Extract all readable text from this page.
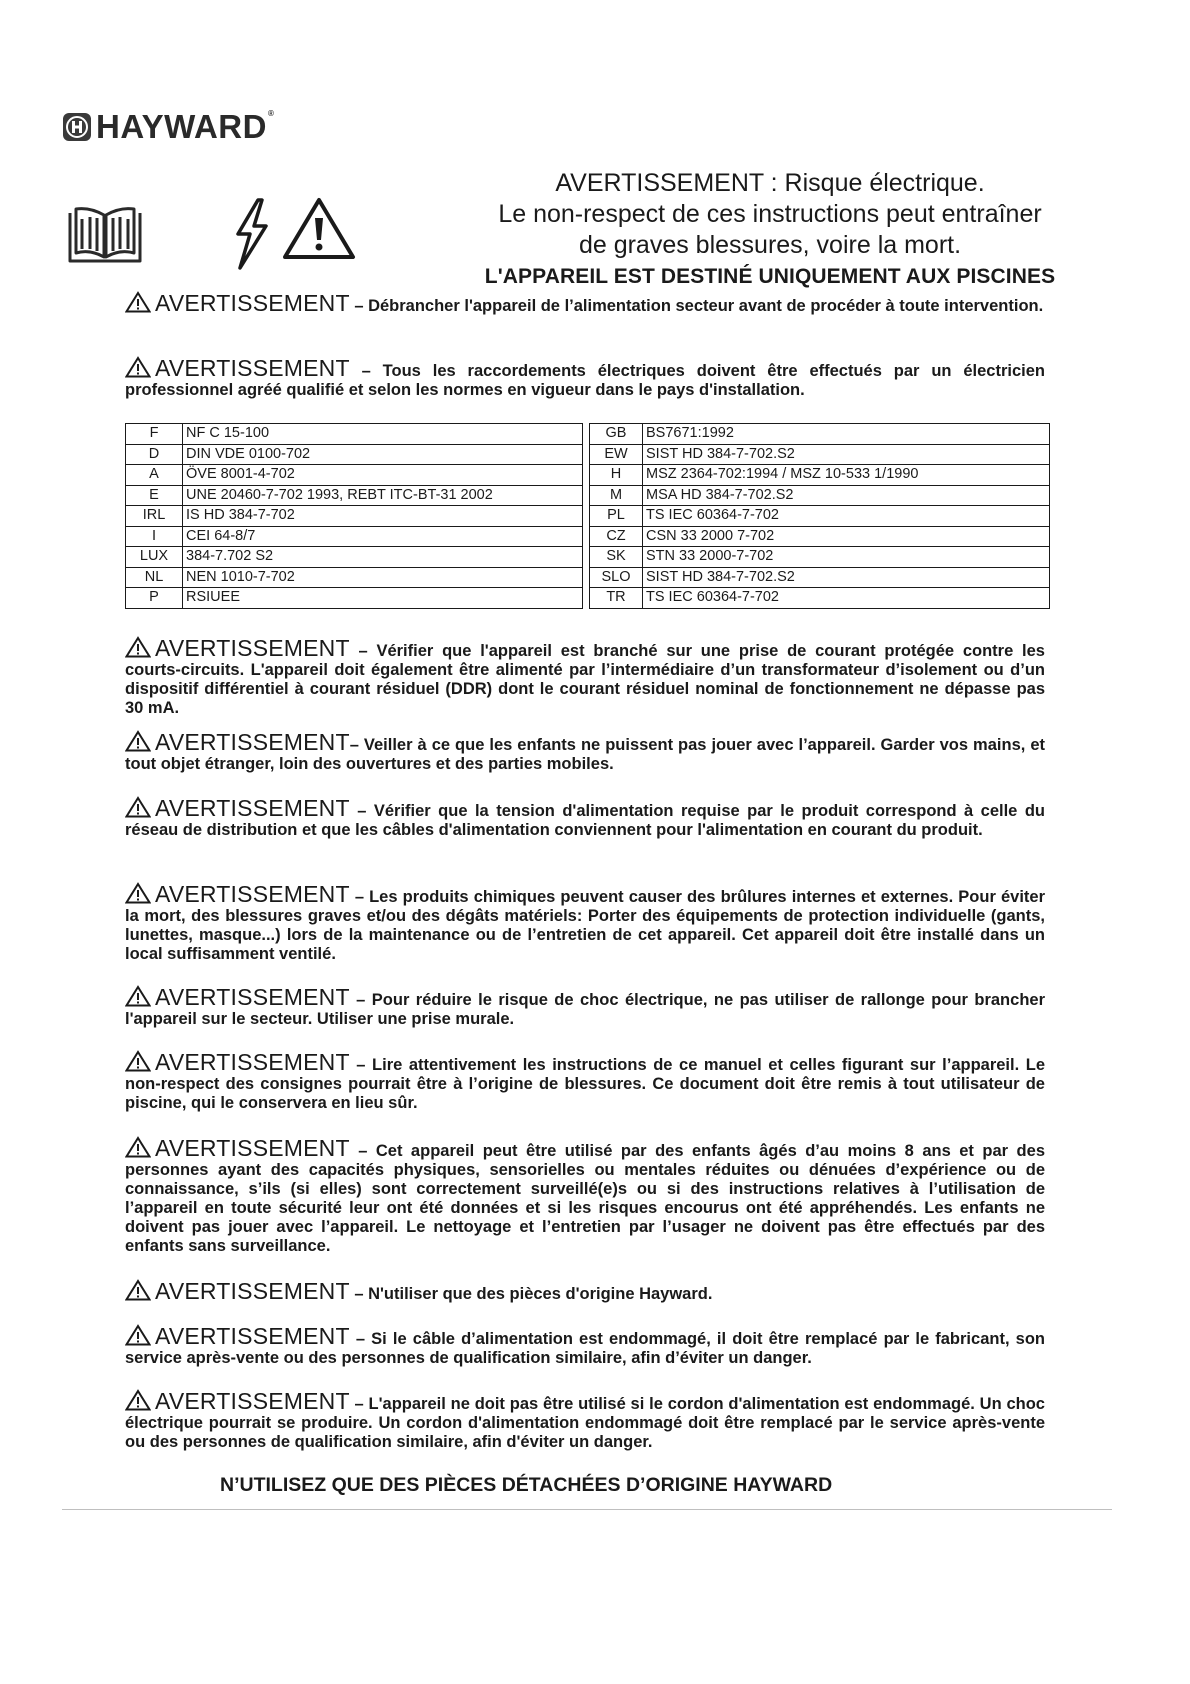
HAYWARD®
AVERTISSEMENT : Risque électrique.
Le non-respect de ces instructions peut entraîner
de graves blessures, voire la mort.
L'APPAREIL EST DESTINÉ UNIQUEMENT AUX PISCINES

AVERTISSEMENT – Débrancher l'appareil de l’alimentation secteur avant de procéder à toute intervention.

AVERTISSEMENT – Tous les raccordements électriques doivent être effectués par un électricien professionnel agréé qualifié et selon les normes en vigueur dans le pays d'installation.

F	NF C 15-100		GB	BS7671:1992
D	DIN VDE 0100-702		EW	SIST HD 384-7-702.S2
A	ÖVE 8001-4-702		H	MSZ 2364-702:1994 / MSZ 10-533 1/1990
E	UNE 20460-7-702 1993, REBT ITC-BT-31 2002		M	MSA HD 384-7-702.S2
IRL	IS HD 384-7-702		PL	TS IEC 60364-7-702
I	CEI 64-8/7		CZ	CSN 33 2000 7-702
LUX	384-7.702 S2		SK	STN 33 2000-7-702
NL	NEN 1010-7-702		SLO	SIST HD 384-7-702.S2
P	RSIUEE		TR	TS IEC 60364-7-702

AVERTISSEMENT – Vérifier que l'appareil est branché sur une prise de courant protégée contre les courts-circuits. L'appareil doit également être alimenté par l’intermédiaire d’un transformateur d’isolement ou d’un dispositif différentiel à courant résiduel (DDR) dont le courant résiduel nominal de fonctionnement ne dépasse pas 30 mA.

AVERTISSEMENT– Veiller à ce que les enfants ne puissent pas jouer avec l’appareil. Garder vos mains, et tout objet étranger, loin des ouvertures et des parties mobiles.

AVERTISSEMENT – Vérifier que la tension d'alimentation requise par le produit correspond à celle du réseau de distribution et que les câbles d'alimentation conviennent pour l'alimentation en courant du produit.

AVERTISSEMENT – Les produits chimiques peuvent causer des brûlures internes et externes. Pour éviter la mort, des blessures graves et/ou des dégâts matériels: Porter des équipements de protection individuelle (gants, lunettes, masque...) lors de la maintenance ou de l’entretien de cet appareil. Cet appareil doit être installé dans un local suffisamment ventilé.

AVERTISSEMENT – Pour réduire le risque de choc électrique, ne pas utiliser de rallonge pour brancher l'appareil sur le secteur. Utiliser une prise murale.

AVERTISSEMENT – Lire attentivement les instructions de ce manuel et celles figurant sur l’appareil. Le non-respect des consignes pourrait être à l’origine de blessures. Ce document doit être remis à tout utilisateur de piscine, qui le conservera en lieu sûr.

AVERTISSEMENT – Cet appareil peut être utilisé par des enfants âgés d’au moins 8 ans et par des personnes ayant des capacités physiques, sensorielles ou mentales réduites ou dénuées d’expérience ou de connaissance, s’ils (si elles) sont correctement surveillé(e)s ou si des instructions relatives à l’utilisation de l’appareil en toute sécurité leur ont été données et si les risques encourus ont été appréhendés. Les enfants ne doivent pas jouer avec l’appareil. Le nettoyage et l’entretien par l’usager ne doivent pas être effectués par des enfants sans surveillance.

AVERTISSEMENT – N'utiliser que des pièces d'origine Hayward.

AVERTISSEMENT – Si le câble d’alimentation est endommagé, il doit être remplacé par le fabricant, son service après-vente ou des personnes de qualification similaire, afin d’éviter un danger.

AVERTISSEMENT – L'appareil ne doit pas être utilisé si le cordon d'alimentation est endommagé. Un choc électrique pourrait se produire. Un cordon d'alimentation endommagé doit être remplacé par le service après-vente ou des personnes de qualification similaire, afin d'éviter un danger.

N’UTILISEZ QUE DES PIÈCES DÉTACHÉES D’ORIGINE HAYWARD
